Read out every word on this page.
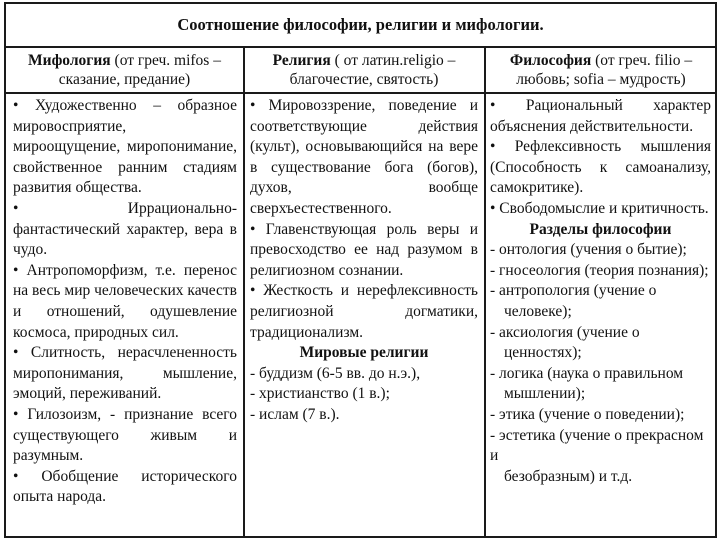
Соотношение философии, религии и мифологии.
Мифология (от греч. mifos –
сказание, предание)
Религия ( от латин.religio –
благочестие, святость)
Философия (от греч. filio –
любовь; sofia – мудрость)

• Художественно – образное мировосприятие, мироощущение, миропонимание, свойственное ранним стадиям развития общества.

• Иррационально-фантастический характер, вера в чудо.

• Антропоморфизм, т.е. перенос на весь мир человеческих качеств и отношений, одушевление космоса, природных сил.

• Слитность, нерасчлененность миропонимания, мышление, эмоций, переживаний.

• Гилозоизм, - признание всего существующего живым и разумным.

• Обобщение исторического опыта народа.

• Мировоззрение, поведение и соответствующие действия (культ), основывающийся на вере в существование бога (богов), духов, вообще сверхъестественного.

• Главенствующая роль веры и превосходство ее над разумом в религиозном сознании.

• Жесткость и нерефлексивность религиозной догматики, традиционализм.

Мировые религии

- буддизм (6-5 вв. до н.э.),

- христианство (1 в.);

- ислам (7 в.).

• Рациональный характер объяснения действительности.

• Рефлексивность мышления (Способность к самоанализу, самокритике).

• Свободомыслие и критичность.

Разделы философии

- онтология (учения о бытие);

- гносеология (теория познания);

- антропология (учение о

человеке);

- аксиология (учение о

ценностях);

- логика (наука о правильном

мышлении);

- этика (учение о поведении);

- эстетика (учение о прекрасном и

безобразным) и т.д.
